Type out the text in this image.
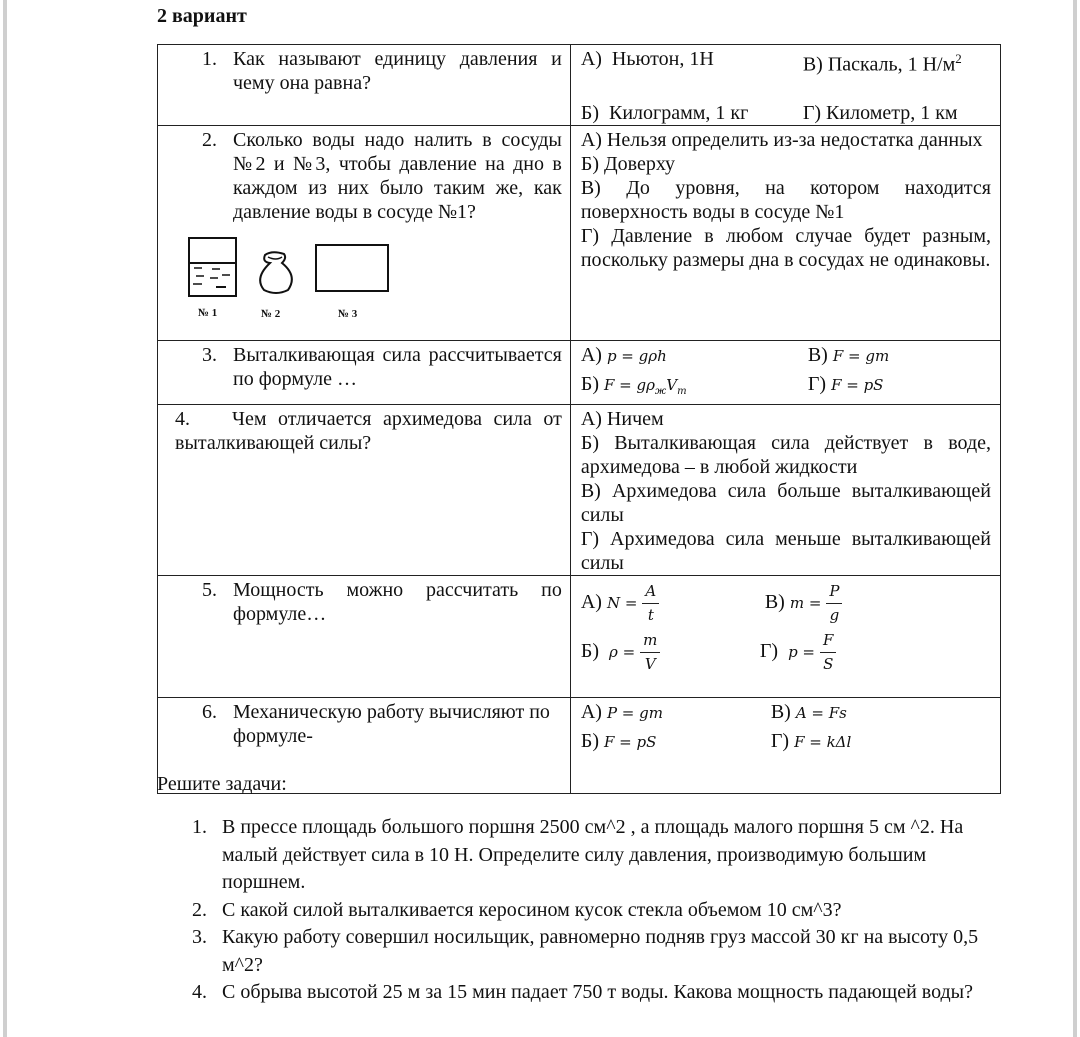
2 вариант
1. Как называют единицу давления и чему она равна?

А)  Ньютон, 1Н	В) Паскаль, 1 $Н/м^2$
Б)  Килограмм, 1 кг	Г) Километр, 1 км

2. Сколько воды надо налить в сосуды №2 и №3, чтобы давление на дно в каждом из них было таким же, как давление воды в сосуде №1?
№ 1	№ 2	№ 3

А) Нельзя определить из-за недостатка данных
Б) Доверху
В) До уровня, на котором находится поверхность воды в сосуде №1
Г) Давление в любом случае будет разным, поскольку размеры дна в сосудах не одинаковы.

3. Выталкивающая сила рассчитывается по формуле …

А) p = gρh	В) F = gm
Б) $F = g\rho_жV_т$	Г) F = pS

4. Чем отличается архимедова сила от выталкивающей силы?	А) Ничем
Б) Выталкивающая сила действует в воде, архимедова – в любой жидкости
В) Архимедова сила больше выталкивающей силы
Г) Архимедова сила меньше выталкивающей силы

5. Мощность можно рассчитать по формуле…

А) $N = \frac{A}{t}$	В) $m = \frac{P}{g}$
Б) $\rho = \frac{m}{V}$	Г) $p = \frac{F}{S}$

6. Механическую работу вычисляют по формуле-

А) P = gm	В) A = Fs
Б) F = pS	Г) F = kΔl
Решите задачи:
1. В прессе площадь большого поршня 2500 см^2 , а площадь малого поршня 5 см ^2. На малый действует сила в 10 Н. Определите силу давления, производимую большим поршнем.
2. С какой силой выталкивается керосином кусок стекла объемом 10 см^3?
3. Какую работу совершил носильщик, равномерно подняв груз массой 30 кг на высоту 0,5 м^2?
4. С обрыва высотой 25 м за 15 мин падает 750 т воды. Какова мощность падающей воды?
